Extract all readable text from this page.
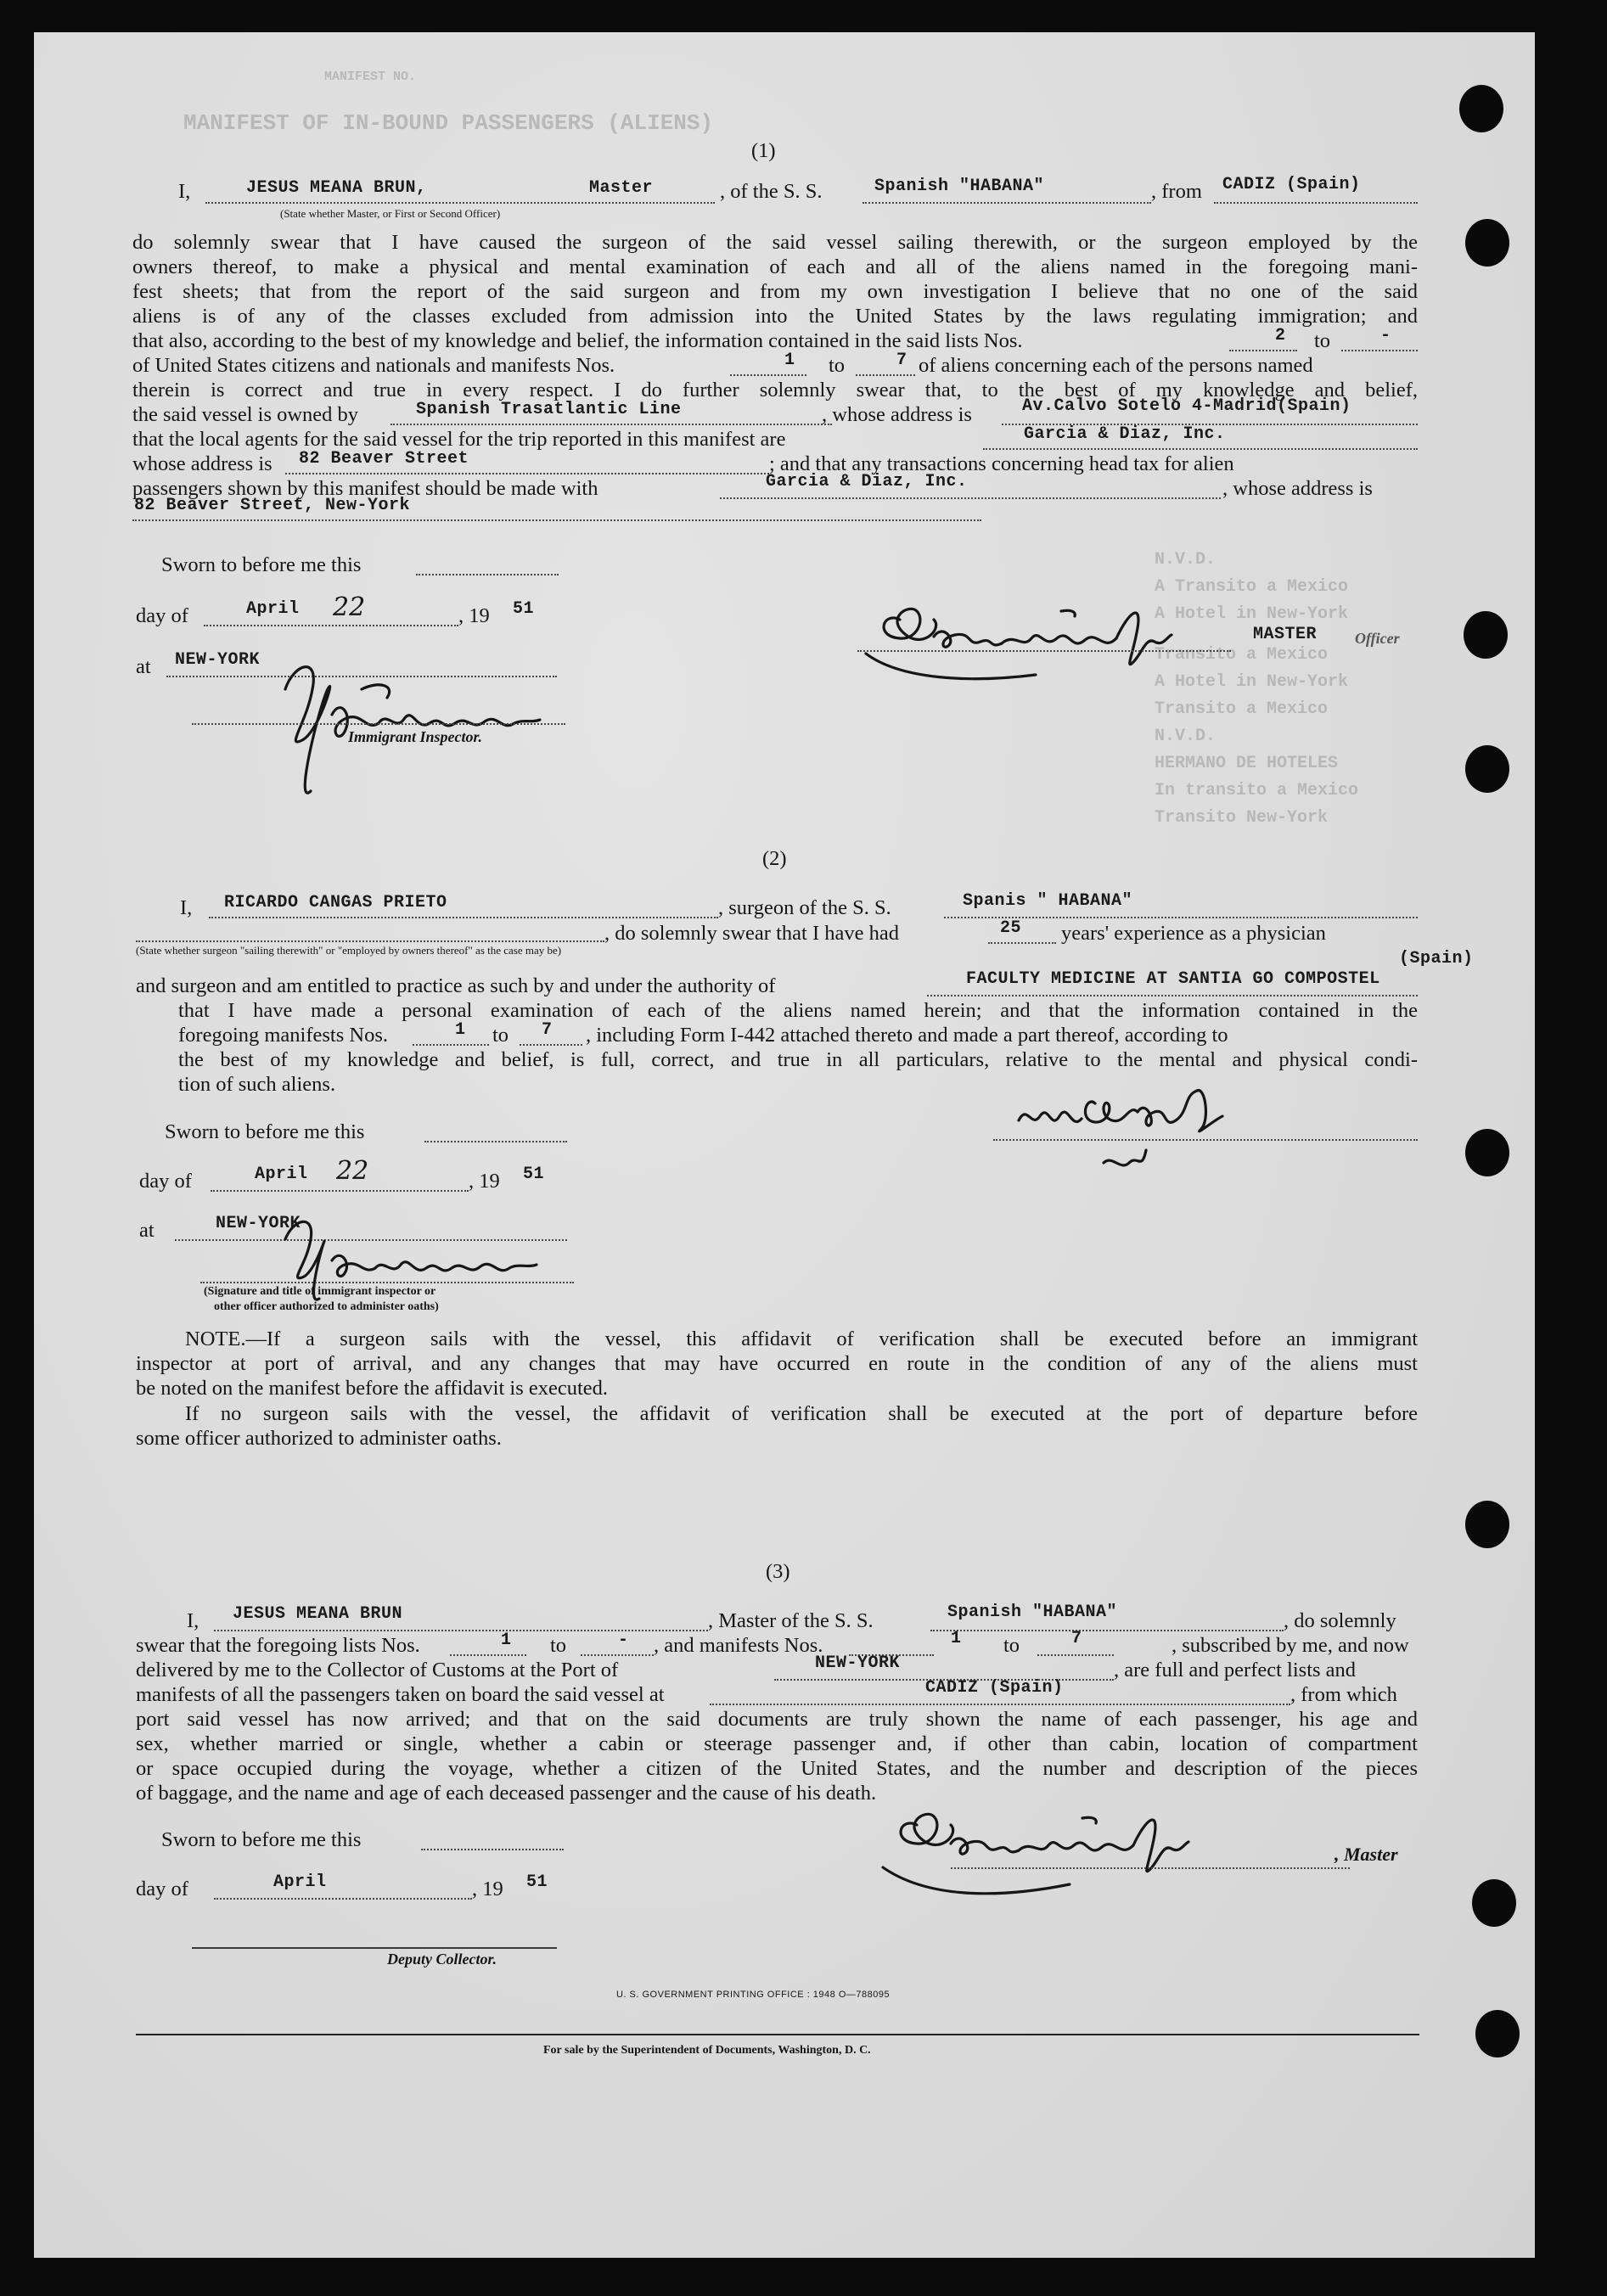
MANIFEST NO.
MANIFEST OF IN-BOUND PASSENGERS (ALIENS)
N.V.D.
A Transito a Mexico
A Hotel in New-York
Transito a Mexico
A Hotel in New-York
Transito a Mexico
N.V.D.
HERMANO DE HOTELES
In transito a Mexico
Transito New-York
(1)
I,	JESUS MEANA BRUN,	Master	, of the S. S.	Spanish "HABANA"	, from CADIZ (Spain)
(State whether Master, or First or Second Officer)
do solemnly swear that I have caused the surgeon of the said vessel sailing therewith, or the surgeon employed by the
owners thereof, to make a physical and mental examination of each and all of the aliens named in the foregoing mani-
fest sheets; that from the report of the said surgeon and from my own investigation I believe that no one of the said
aliens is of any of the classes excluded from admission into the United States by the laws regulating immigration; and
that also, according to the best of my knowledge and belief, the information contained in the said lists Nos.	2 to	-
of United States citizens and nationals and manifests Nos.	1 to	7 of aliens concerning each of the persons named
therein is correct and true in every respect. I do further solemnly swear that, to the best of my knowledge and belief,
the said vessel is owned by	Spanish Trasatlantic Line	, whose address is	Av.Calvo Sotelo 4-Madrid(Spain)
that the local agents for the said vessel for the trip reported in this manifest are	Garcia & Diaz, Inc.
whose address is 82 Beaver Street	; and that any transactions concerning head tax for alien
passengers shown by this manifest should be made with	Garcia & Diaz, Inc.	, whose address is
82 Beaver Street, New-York
Sworn to before me this
day of	April 22	, 19 51
at NEW-YORK
Immigrant Inspector.
MASTER Officer
(2)
I, RICARDO CANGAS PRIETO	, surgeon of the S. S.	Spanis " HABANA"
, do solemnly swear that I have had	25 years' experience as a physician
(State whether surgeon "sailing therewith" or "employed by owners thereof" as the case may be)	(Spain)
and surgeon and am entitled to practice as such by and under the authority of	FACULTY MEDICINE AT SANTIA GO COMPOSTEL
that I have made a personal examination of each of the aliens named herein; and that the information contained in the
foregoing manifests Nos.	1 to 7 , including Form I-442 attached thereto and made a part thereof, according to
the best of my knowledge and belief, is full, correct, and true in all particulars, relative to the mental and physical condi-
tion of such aliens.
Sworn to before me this
day of	April 22	, 19 51
at	NEW-YORK
(Signature and title of immigrant inspector or
other officer authorized to administer oaths)
NOTE.—If a surgeon sails with the vessel, this affidavit of verification shall be executed before an immigrant
inspector at port of arrival, and any changes that may have occurred en route in the condition of any of the aliens must
be noted on the manifest before the affidavit is executed.
If no surgeon sails with the vessel, the affidavit of verification shall be executed at the port of departure before
some officer authorized to administer oaths.
(3)
I, JESUS MEANA BRUN	, Master of the S. S.	Spanish "HABANA"	, do solemnly
swear that the foregoing lists Nos.	1 to	- , and manifests Nos.	1 to	7	, subscribed by me, and now
delivered by me to the Collector of Customs at the Port of	NEW-YORK	, are full and perfect lists and
manifests of all the passengers taken on board the said vessel at	CADIZ (Spain)	, from which
port said vessel has now arrived; and that on the said documents are truly shown the name of each passenger, his age and
sex, whether married or single, whether a cabin or steerage passenger and, if other than cabin, location of compartment
or space occupied during the voyage, whether a citizen of the United States, and the number and description of the pieces
of baggage, and the name and age of each deceased passenger and the cause of his death.
Sworn to before me this
day of	April	, 19 51
, Master
Deputy Collector.
U. S. GOVERNMENT PRINTING OFFICE : 1948 O—788095
For sale by the Superintendent of Documents, Washington, D. C.
